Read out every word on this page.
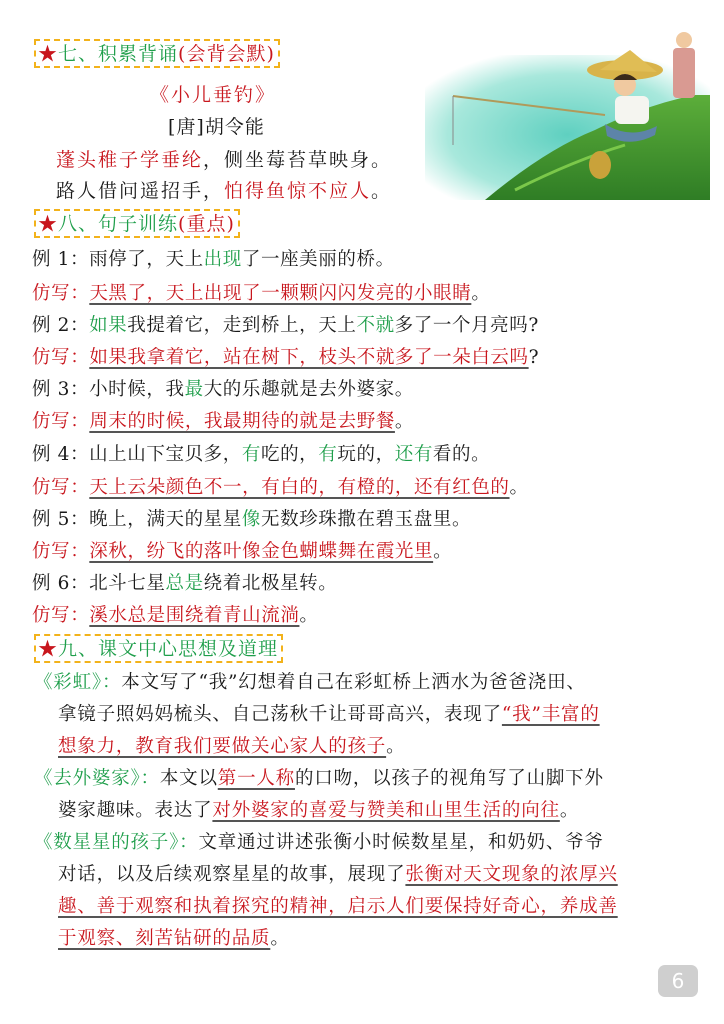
★七、积累背诵(会背会默)
《小儿垂钓》
[唐]胡令能
蓬头稚子学垂纶，侧坐莓苔草映身。
路人借问遥招手，怕得鱼惊不应人。
★八、句子训练(重点)
例 1：雨停了，天上出现了一座美丽的桥。
仿写：天黑了，天上出现了一颗颗闪闪发亮的小眼睛。
例 2：如果我提着它，走到桥上，天上不就多了一个月亮吗?
仿写：如果我拿着它，站在树下，枝头不就多了一朵白云吗?
例 3：小时候，我最大的乐趣就是去外婆家。
仿写：周末的时候，我最期待的就是去野餐。
例 4：山上山下宝贝多，有吃的，有玩的，还有看的。
仿写：天上云朵颜色不一，有白的，有橙的，还有红色的。
例 5：晚上，满天的星星像无数珍珠撒在碧玉盘里。
仿写：深秋，纷飞的落叶像金色蝴蝶舞在霞光里。
例 6：北斗七星总是绕着北极星转。
仿写：溪水总是围绕着青山流淌。
★九、课文中心思想及道理
《彩虹》：本文写了“我”幻想着自己在彩虹桥上洒水为爸爸浇田、
拿镜子照妈妈梳头、自己荡秋千让哥哥高兴，表现了“我”丰富的
想象力，教育我们要做关心家人的孩子。
《去外婆家》：本文以第一人称的口吻，以孩子的视角写了山脚下外
婆家趣味。表达了对外婆家的喜爱与赞美和山里生活的向往。
《数星星的孩子》：文章通过讲述张衡小时候数星星，和奶奶、爷爷
对话，以及后续观察星星的故事，展现了张衡对天文现象的浓厚兴
趣、善于观察和执着探究的精神，启示人们要保持好奇心，养成善
于观察、刻苦钻研的品质。
6
